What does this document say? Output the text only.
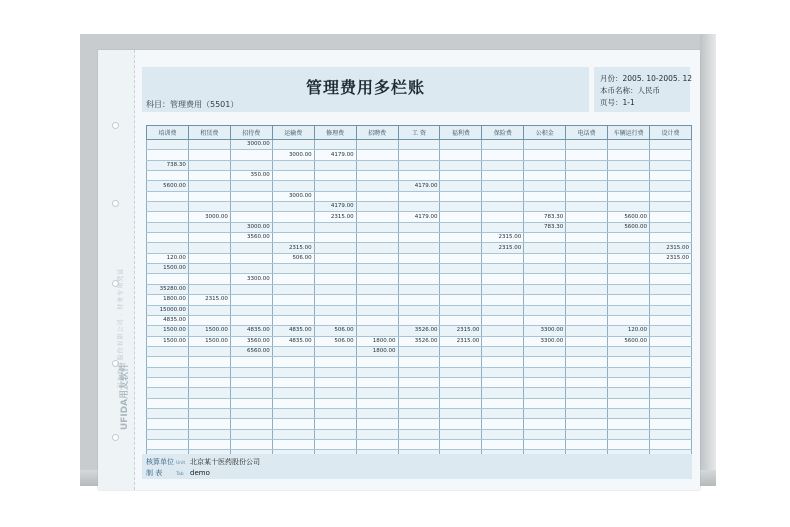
用友软件股份有限公司 · 财务专用凭证
UFIDA用友软件
管理费用多栏账
科目：管理费用（5501）
月份：2005. 10-2005. 12
本币名称：人民币
页号：1-1
培训费	租赁费	招待费	运输费	修理费	招聘费	工 资	福利费	保险费	公积金	电话费	车辆运行费	设计费
		3000.00										
			3000.00	4179.00								
738.30												
		350.00										
5600.00						4179.00						
			3000.00									
				4179.00								
	3000.00			2315.00		4179.00			783.30		5600.00	
		3000.00							783.30		5600.00	
		3560.00						2315.00				
			2315.00					2315.00				2315.00
120.00			506.00									2315.00
1500.00												
		3300.00										
35280.00												
1800.00	2315.00											
15000.00												
4835.00												
1500.00	1500.00	4835.00	4835.00	506.00		3526.00	2315.00		3300.00		120.00	
1500.00	1500.00	3560.00	4835.00	506.00	1800.00	3526.00	2315.00		3300.00		5600.00	
		6560.00			1800.00							

核算单位 Unit 北京某十医药股份公司
制 表	Tab demo
